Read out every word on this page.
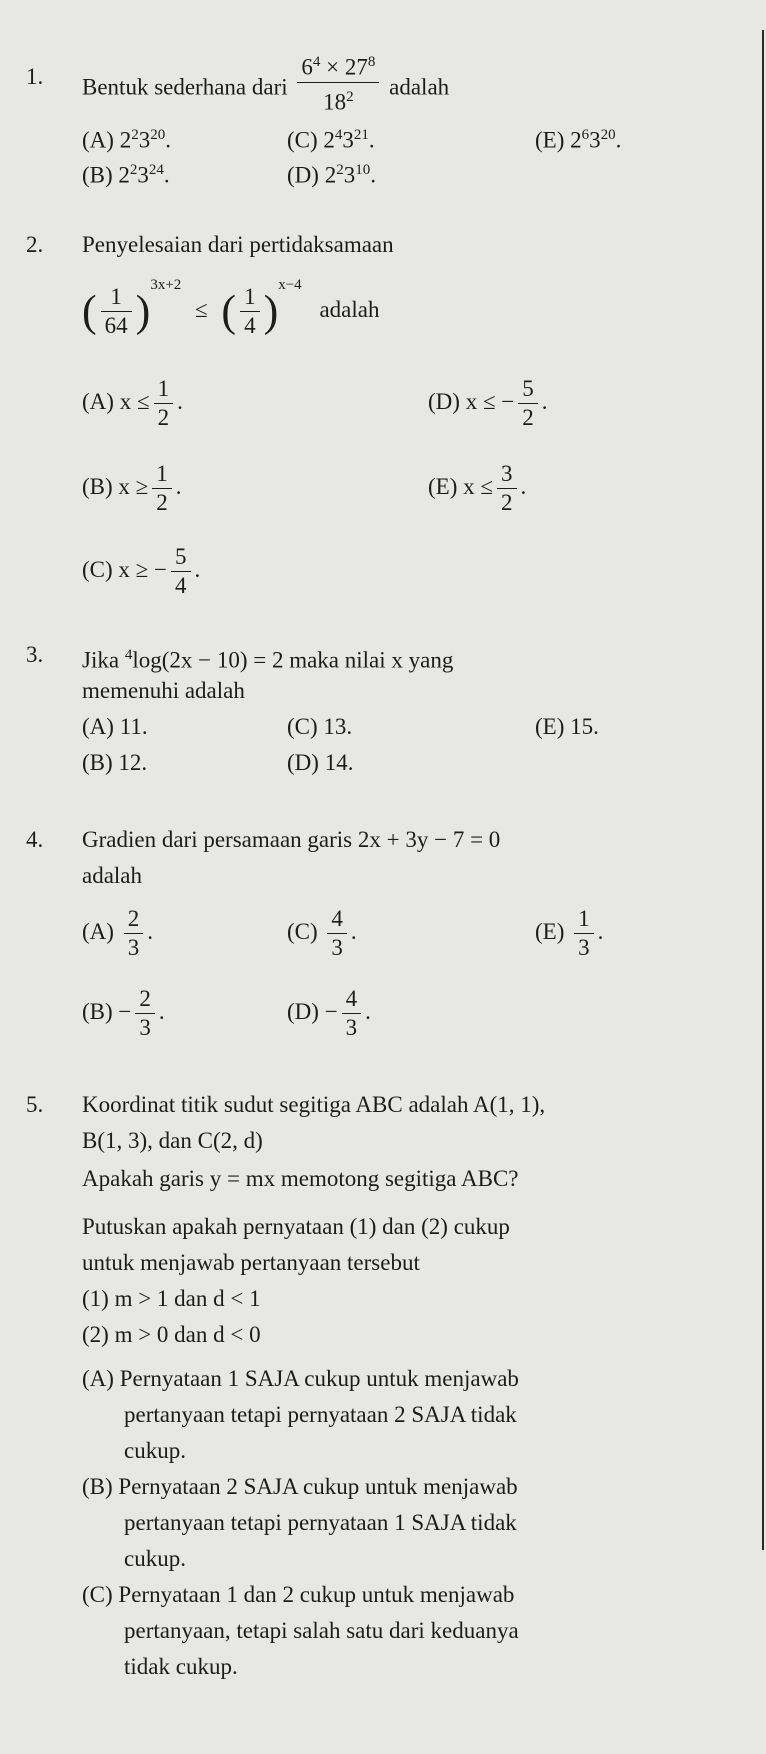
1. Bentuk sederhana dari $\frac{6^4 \times 27^8}{18^2}$ adalah
(A) $2^23^{20}$.	(C) $2^43^{21}$.	(E) $2^63^{20}$.
(B) $2^23^{24}$.	(D) $2^23^{10}$.
2. Penyelesaian dari pertidaksamaan
( $\frac{1}{64} )^{3x+2}$ ≤ ( $\frac{1}{4} )^{x-4}$ adalah
(A) $x \le \frac{1}{2}$ .	(D) x ≤ − $\frac{5}{2}$ .
(B) $x \ge \frac{1}{2}$ .	(E) $x \le \frac{3}{2}$ .
(C) x ≥ − $\frac{5}{4}$ .
3. Jika $^4$log(2x − 10) = 2 maka nilai x yang
memenuhi adalah
(A) 11.	(C) 13.	(E) 15.
(B) 12.	(D) 14.
4. Gradien dari persamaan garis 2x + 3y − 7 = 0
adalah
$(A) \frac{2}{3}$ .	$(C) \frac{4}{3}$ .	$(E) \frac{1}{3}$ .
$(B) - \frac{2}{3}$ .	$(D) - \frac{4}{3}$ .
5. Koordinat titik sudut segitiga ABC adalah A(1, 1),
B(1, 3), dan C(2, d)
Apakah garis y = mx memotong segitiga ABC?
Putuskan apakah pernyataan (1) dan (2) cukup
untuk menjawab pertanyaan tersebut
(1) m > 1 dan d < 1
(2) m > 0 dan d < 0
(A) Pernyataan 1 SAJA cukup untuk menjawab
pertanyaan tetapi pernyataan 2 SAJA tidak
cukup.
(B) Pernyataan 2 SAJA cukup untuk menjawab
pertanyaan tetapi pernyataan 1 SAJA tidak
cukup.
(C) Pernyataan 1 dan 2 cukup untuk menjawab
pertanyaan, tetapi salah satu dari keduanya
tidak cukup.
